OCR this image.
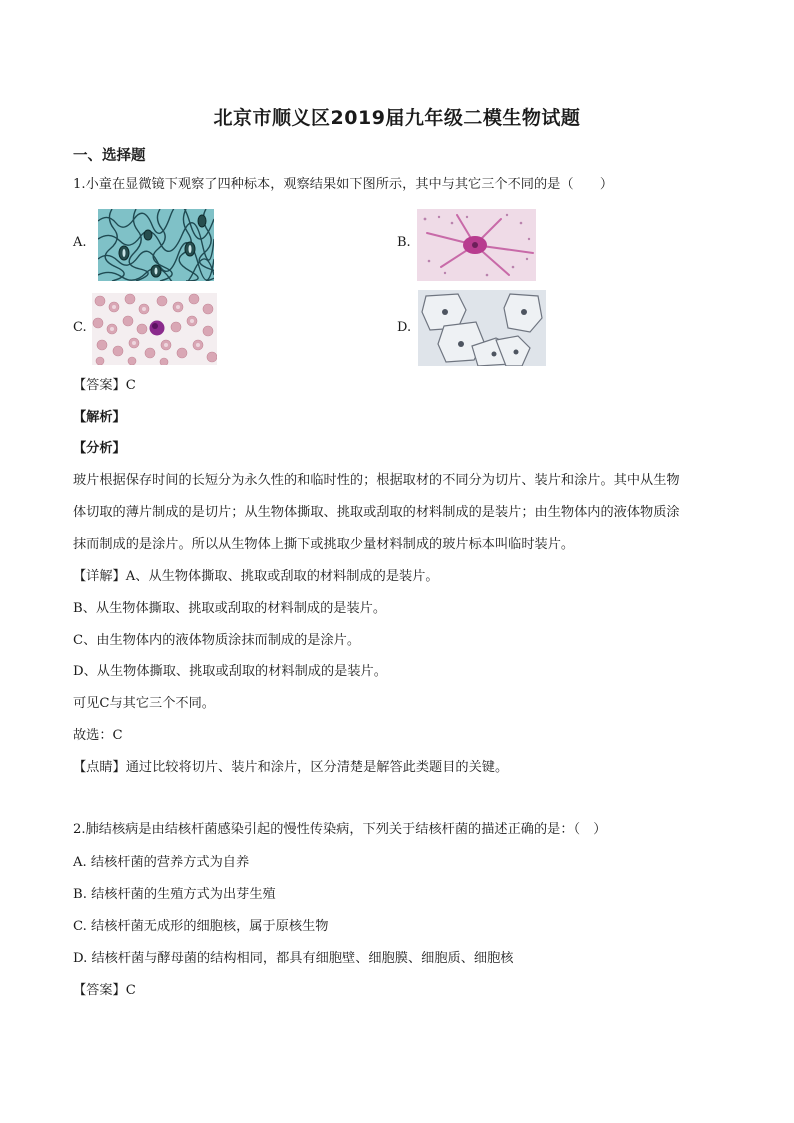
北京市顺义区2019届九年级二模生物试题
一、选择题
1.小童在显微镜下观察了四种标本，观察结果如下图所示，其中与其它三个不同的是（　　）
A.	B.
C.	D.
【答案】C
【解析】
【分析】
玻片根据保存时间的长短分为永久性的和临时性的；根据取材的不同分为切片、装片和涂片。其中从生物
体切取的薄片制成的是切片；从生物体撕取、挑取或刮取的材料制成的是装片；由生物体内的液体物质涂
抹而制成的是涂片。所以从生物体上撕下或挑取少量材料制成的玻片标本叫临时装片。
【详解】A、从生物体撕取、挑取或刮取的材料制成的是装片。
B、从生物体撕取、挑取或刮取的材料制成的是装片。
C、由生物体内的液体物质涂抹而制成的是涂片。
D、从生物体撕取、挑取或刮取的材料制成的是装片。
可见C与其它三个不同。
故选：C
【点睛】通过比较将切片、装片和涂片，区分清楚是解答此类题目的关键。
2.肺结核病是由结核杆菌感染引起的慢性传染病，下列关于结核杆菌的描述正确的是：（　）
A. 结核杆菌的营养方式为自养
B. 结核杆菌的生殖方式为出芽生殖
C. 结核杆菌无成形的细胞核，属于原核生物
D. 结核杆菌与酵母菌的结构相同，都具有细胞壁、细胞膜、细胞质、细胞核
【答案】C
